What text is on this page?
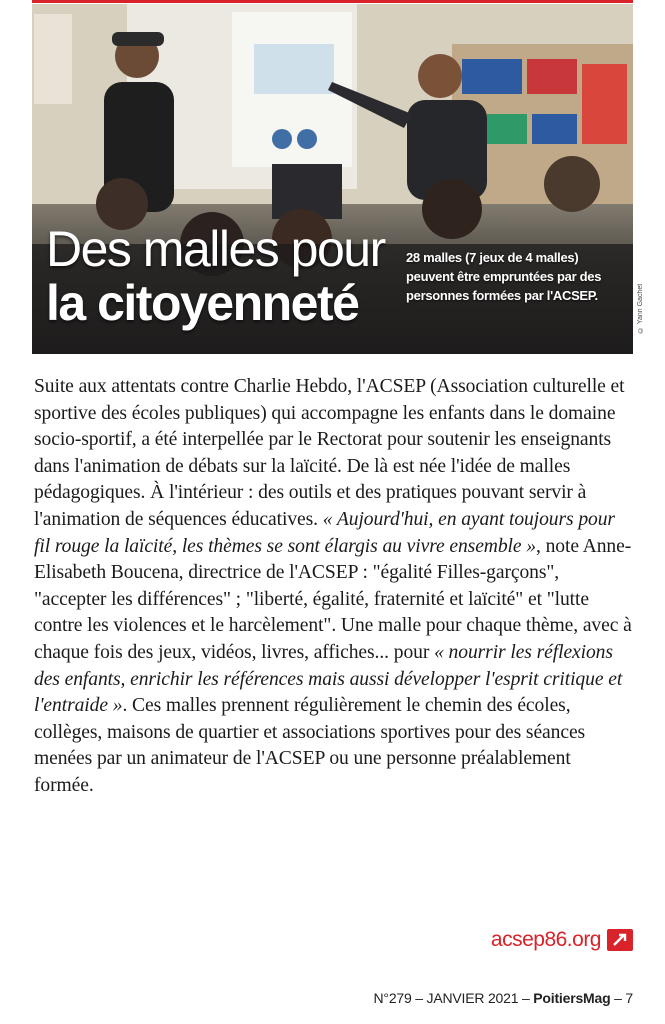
Des malles pour
la citoyenneté

28 malles (7 jeux de 4 malles) peuvent être empruntées par des personnes formées par l'ACSEP.	© Yann Gachet

Suite aux attentats contre Charlie Hebdo, l'ACSEP (Association culturelle et sportive des écoles publiques) qui accompagne les enfants dans le domaine socio-sportif, a été interpellée par le Rectorat pour soutenir les enseignants dans l'animation de débats sur la laïcité. De là est née l'idée de malles pédagogiques. À l'intérieur : des outils et des pratiques pouvant servir à l'animation de séquences éducatives. « Aujourd'hui, en ayant toujours pour fil rouge la laïcité, les thèmes se sont élargis au vivre ensemble », note Anne-Elisabeth Boucena, directrice de l'ACSEP : "égalité Filles-garçons", "accepter les différences" ; "liberté, égalité, fraternité et laïcité" et "lutte contre les violences et le harcèlement". Une malle pour chaque thème, avec à chaque fois des jeux, vidéos, livres, affiches... pour « nourrir les réflexions des enfants, enrichir les références mais aussi développer l'esprit critique et l'entraide ». Ces malles prennent régulièrement le chemin des écoles, collèges, maisons de quartier et associations sportives pour des séances menées par un animateur de l'ACSEP ou une personne préalablement formée.

acsep86.org
N°279 – JANVIER 2021 – PoitiersMag – 7
